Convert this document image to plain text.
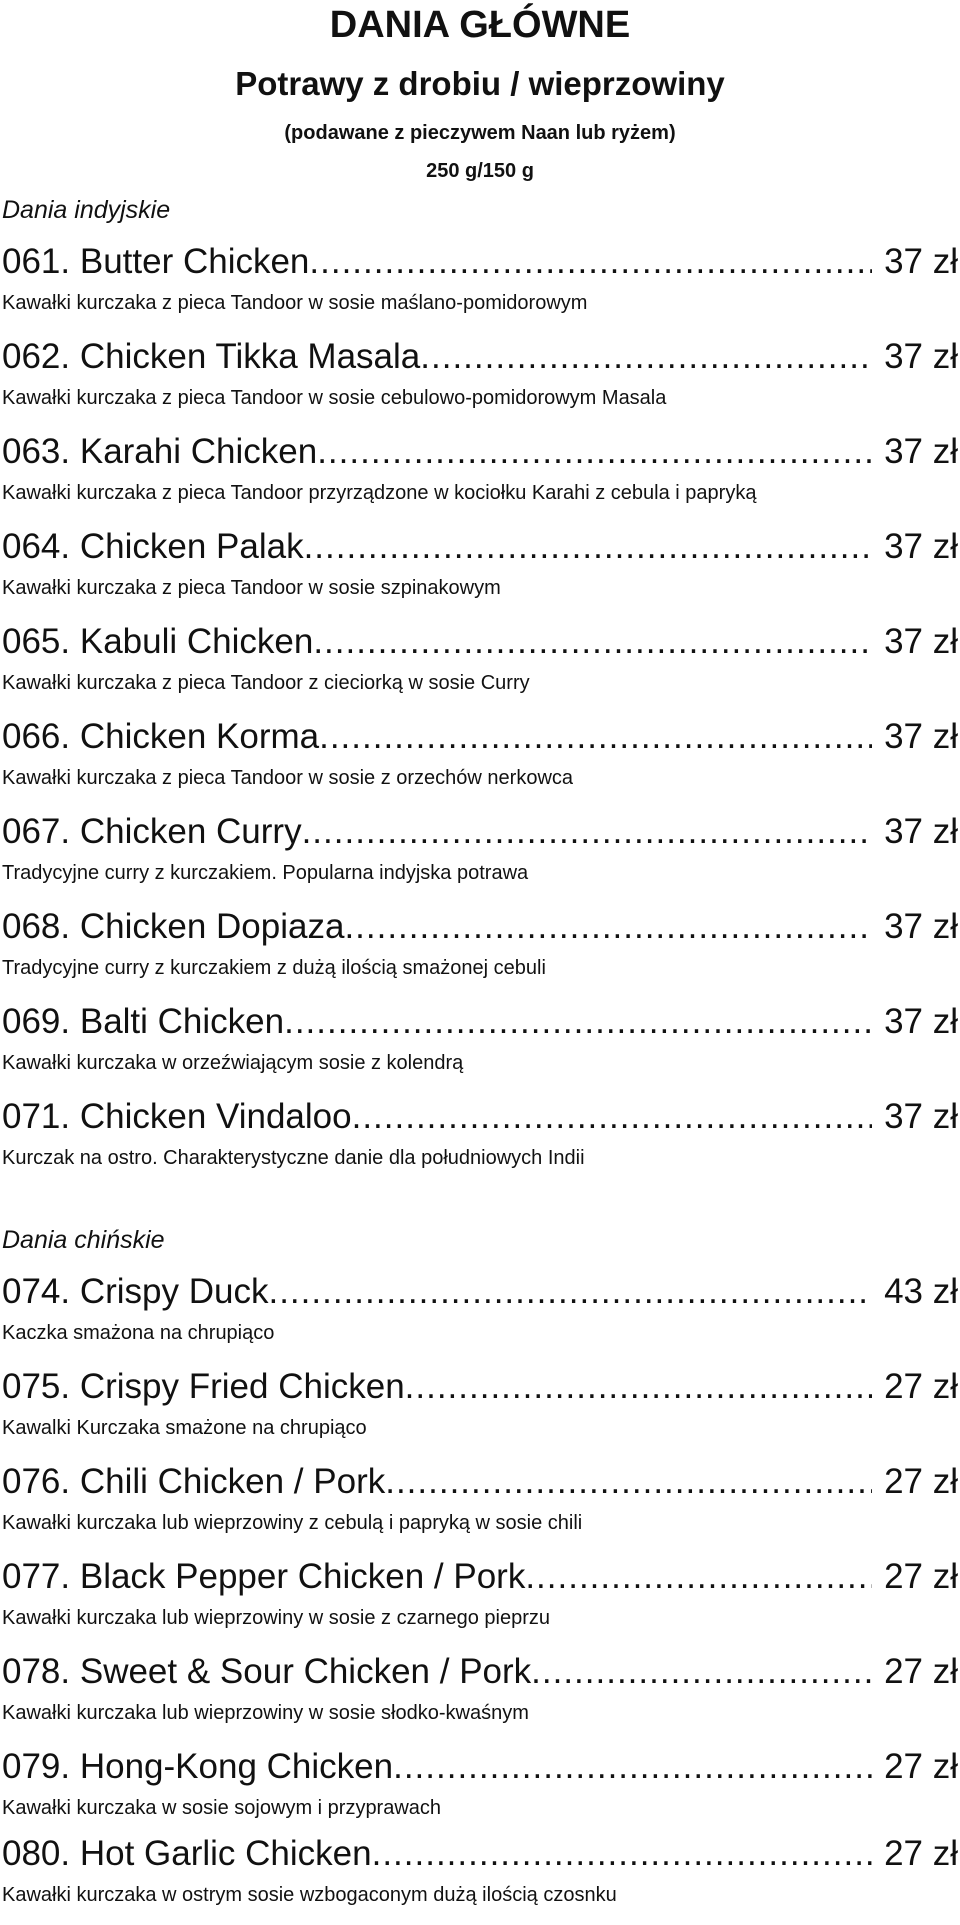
DANIA GŁÓWNE
Potrawy z drobiu / wieprzowiny
(podawane z pieczywem Naan lub ryżem)
250 g/150 g
Dania indyjskie
061. Butter Chicken .....	37 zł
Kawałki kurczaka z pieca Tandoor w sosie maślano-pomidorowym
062. Chicken Tikka Masala .....	37 zł
Kawałki kurczaka z pieca Tandoor w sosie cebulowo-pomidorowym Masala
063. Karahi Chicken .....	37 zł
Kawałki kurczaka z pieca Tandoor przyrządzone w kociołku Karahi z cebula i papryką
064. Chicken Palak .....	37 zł
Kawałki kurczaka z pieca Tandoor w sosie szpinakowym
065. Kabuli Chicken .....	37 zł
Kawałki kurczaka z pieca Tandoor z cieciorką w sosie Curry
066. Chicken Korma .....	37 zł
Kawałki kurczaka z pieca Tandoor w sosie z orzechów nerkowca
067. Chicken Curry .....	37 zł
Tradycyjne curry z kurczakiem. Popularna indyjska potrawa
068. Chicken Dopiaza .....	37 zł
Tradycyjne curry z kurczakiem z dużą ilością smażonej cebuli
069. Balti Chicken .....	37 zł
Kawałki kurczaka w orzeźwiającym sosie z kolendrą
071. Chicken Vindaloo .....	37 zł
Kurczak na ostro. Charakterystyczne danie dla południowych Indii
Dania chińskie
074. Crispy Duck .....	43 zł
Kaczka smażona na chrupiąco
075. Crispy Fried Chicken .....	27 zł
Kawalki Kurczaka smażone na chrupiąco
076. Chili Chicken / Pork .....	27 zł
Kawałki kurczaka lub wieprzowiny z cebulą i papryką w sosie chili
077. Black Pepper Chicken / Pork .....	27 zł
Kawałki kurczaka lub wieprzowiny w sosie z czarnego pieprzu
078. Sweet & Sour Chicken / Pork .....	27 zł
Kawałki kurczaka lub wieprzowiny w sosie słodko-kwaśnym
079. Hong-Kong Chicken .....	27 zł
Kawałki kurczaka w sosie sojowym i przyprawach
080. Hot Garlic Chicken .....	27 zł
Kawałki kurczaka w ostrym sosie wzbogaconym dużą ilością czosnku
